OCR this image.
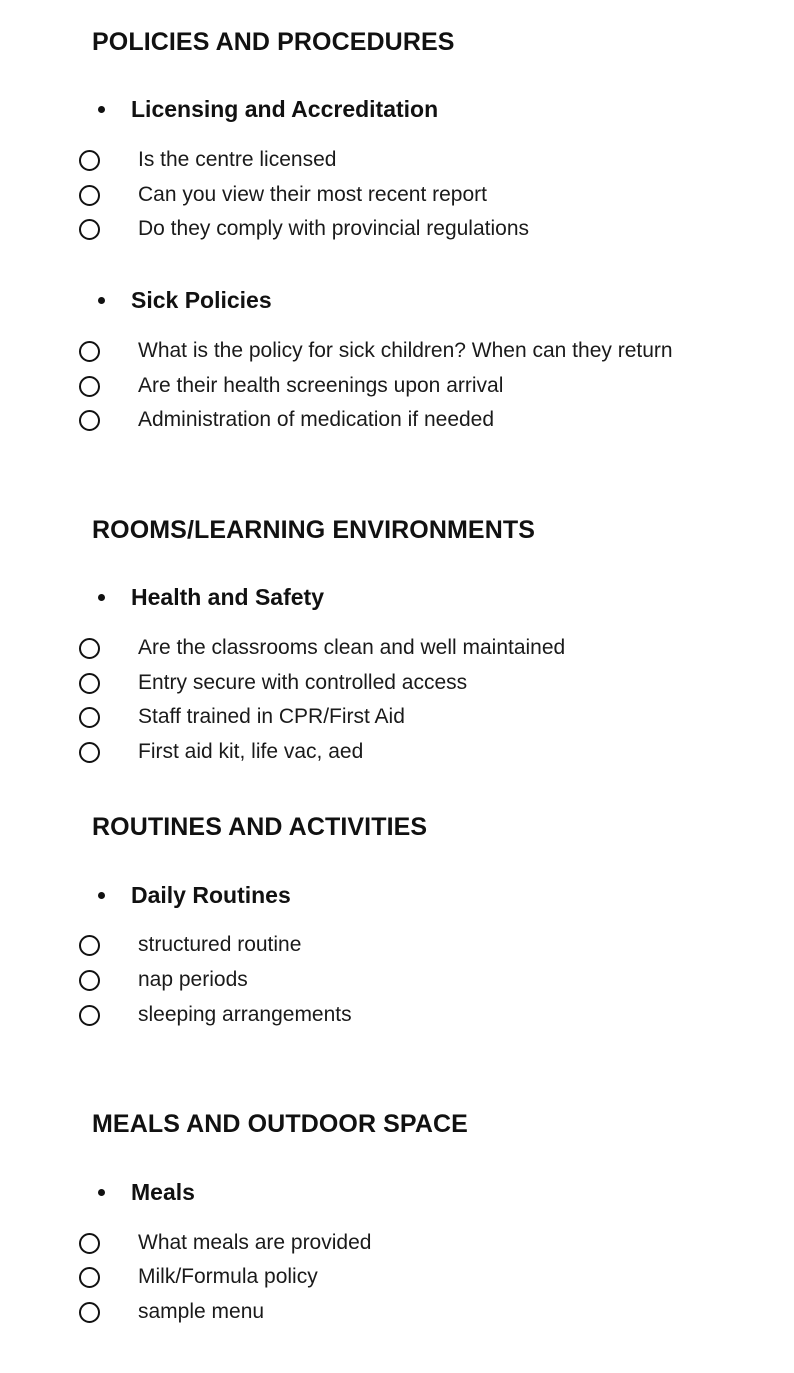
POLICIES AND PROCEDURES
Licensing and Accreditation
Is the centre licensed
Can you view their most recent report
Do they comply with provincial regulations
Sick Policies
What is the policy for sick children? When can they return
Are their health screenings upon arrival
Administration of medication if needed
ROOMS/LEARNING ENVIRONMENTS
Health and Safety
Are the classrooms clean and well maintained
Entry secure with controlled access
Staff trained in CPR/First Aid
First aid kit, life vac, aed
ROUTINES AND ACTIVITIES
Daily Routines
structured routine
nap periods
sleeping arrangements
MEALS AND OUTDOOR SPACE
Meals
What meals are provided
Milk/Formula policy
sample menu
